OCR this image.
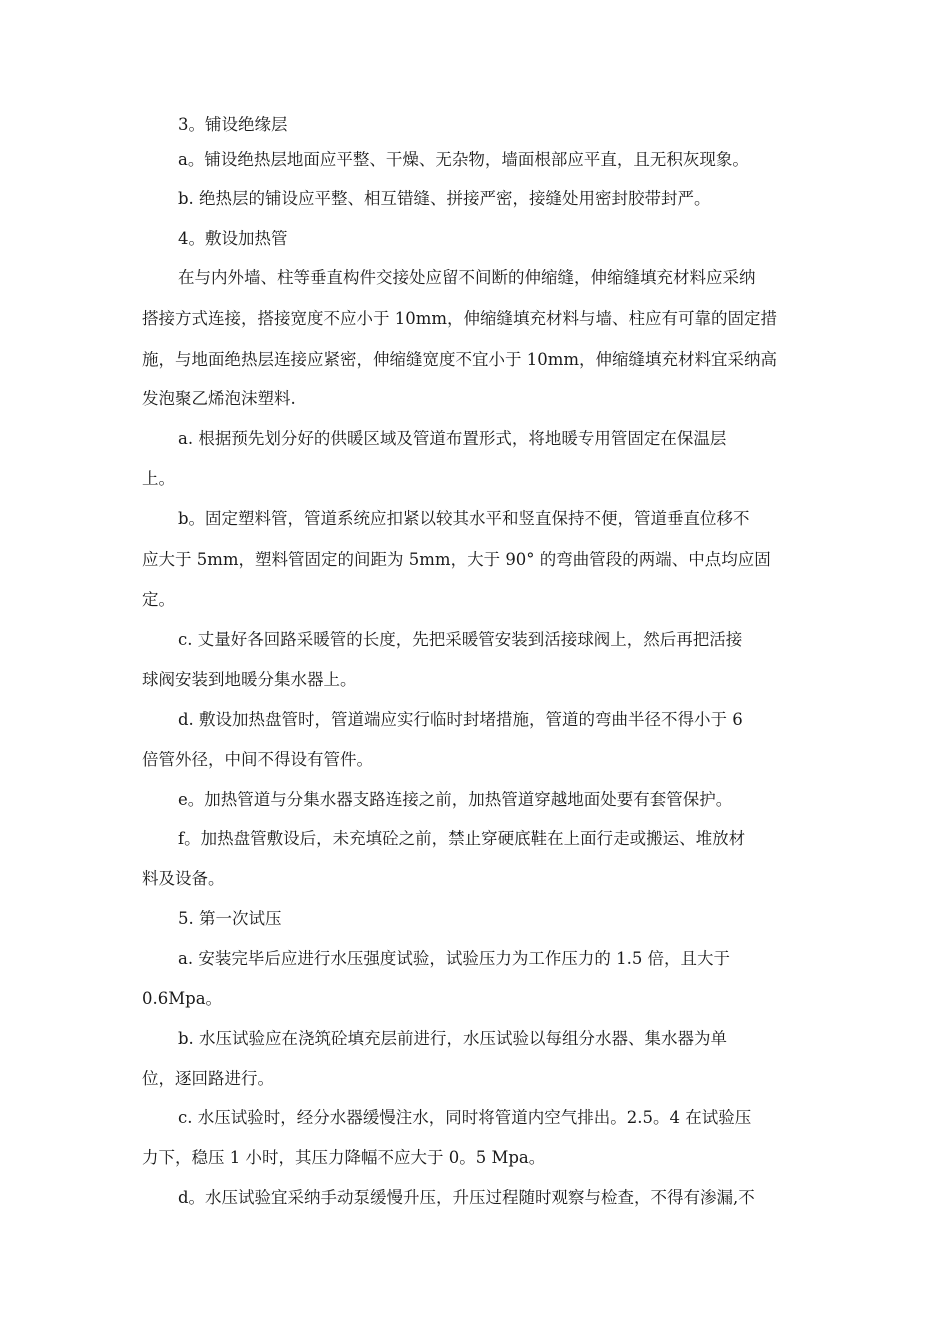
3。铺设绝缘层
a。铺设绝热层地面应平整、干燥、无杂物，墙面根部应平直，且无积灰现象。
b. 绝热层的铺设应平整、相互错缝、拼接严密，接缝处用密封胶带封严。
4。敷设加热管
在与内外墙、柱等垂直构件交接处应留不间断的伸缩缝，伸缩缝填充材料应采纳
搭接方式连接，搭接宽度不应小于 10mm，伸缩缝填充材料与墙、柱应有可靠的固定措
施，与地面绝热层连接应紧密，伸缩缝宽度不宜小于 10mm，伸缩缝填充材料宜采纳高
发泡聚乙烯泡沫塑料.
a. 根据预先划分好的供暖区域及管道布置形式，将地暖专用管固定在保温层
上。
b。固定塑料管，管道系统应扣紧以较其水平和竖直保持不便，管道垂直位移不
应大于 5mm，塑料管固定的间距为 5mm，大于 90° 的弯曲管段的两端、中点均应固
定。
c. 丈量好各回路采暖管的长度，先把采暖管安装到活接球阀上，然后再把活接
球阀安装到地暖分集水器上。
d. 敷设加热盘管时，管道端应实行临时封堵措施，管道的弯曲半径不得小于 6
倍管外径，中间不得设有管件。
e。加热管道与分集水器支路连接之前，加热管道穿越地面处要有套管保护。
f。加热盘管敷设后，未充填砼之前，禁止穿硬底鞋在上面行走或搬运、堆放材
料及设备。
5. 第一次试压
a. 安装完毕后应进行水压强度试验，试验压力为工作压力的 1.5 倍，且大于
0.6Mpa。
b. 水压试验应在浇筑砼填充层前进行，水压试验以每组分水器、集水器为单
位，逐回路进行。
c. 水压试验时，经分水器缓慢注水，同时将管道内空气排出。2.5。4 在试验压
力下，稳压 1 小时，其压力降幅不应大于 0。5 Mpa。
d。水压试验宜采纳手动泵缓慢升压，升压过程随时观察与检查，不得有渗漏,不
